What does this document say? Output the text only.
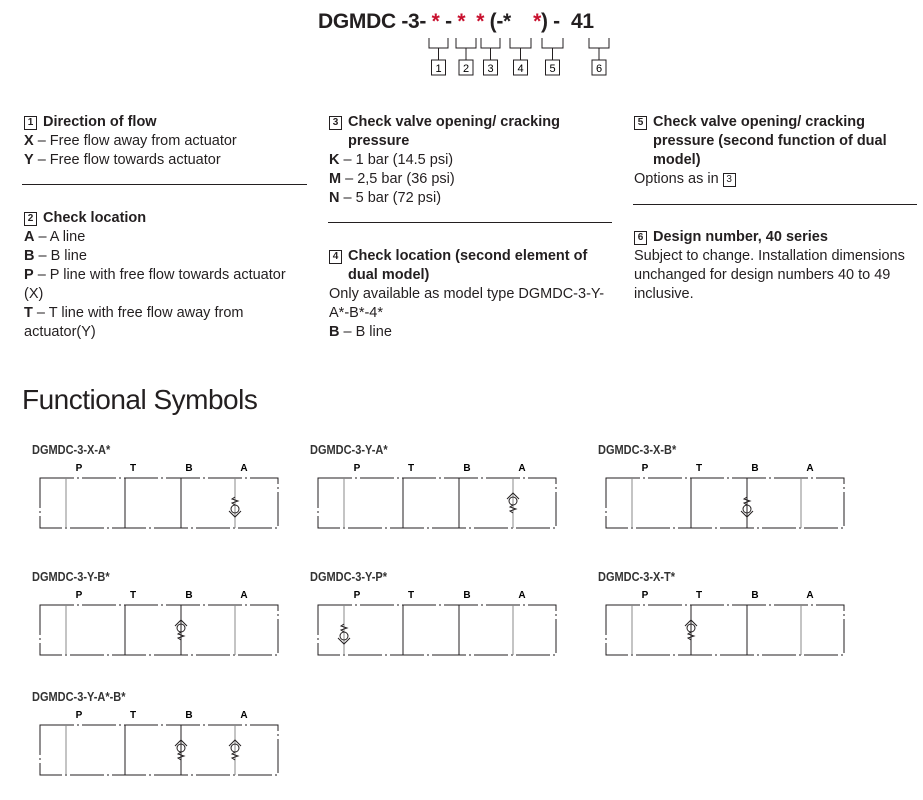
DGMDC -3- * - * * (-* *) -  41
1 2 3 4 5	6
1 Direction of flow

X – Free flow away from actuator

Y – Free flow towards actuator

2 Check location

A – A line

B – B line

P – P line with free flow towards actuator (X)

T – T line with free flow away from actuator(Y)

3 Check valve opening/ cracking pressure

K – 1 bar (14.5 psi)

M – 2,5 bar (36 psi)

N – 5 bar (72 psi)

4 Check location (second element of dual model)

Only available as model type DGMDC-3-Y-A*-B*-4*

B – B line

5 Check valve opening/ cracking pressure (second function of dual model)

Options as in 3

6 Design number, 40 series

Subject to change. Installation dimensions unchanged for design numbers 40 to 49 inclusive.

Functional Symbols
DGMDC-3-X-A*
P	T	B	A
DGMDC-3-Y-A*
P	T	B	A
DGMDC-3-X-B*
P	T	B	A
DGMDC-3-Y-B*
P	T	B	A
DGMDC-3-Y-P*
P	T	B	A
DGMDC-3-X-T*
P	T	B	A
DGMDC-3-Y-A*-B*
P	T	B	A
